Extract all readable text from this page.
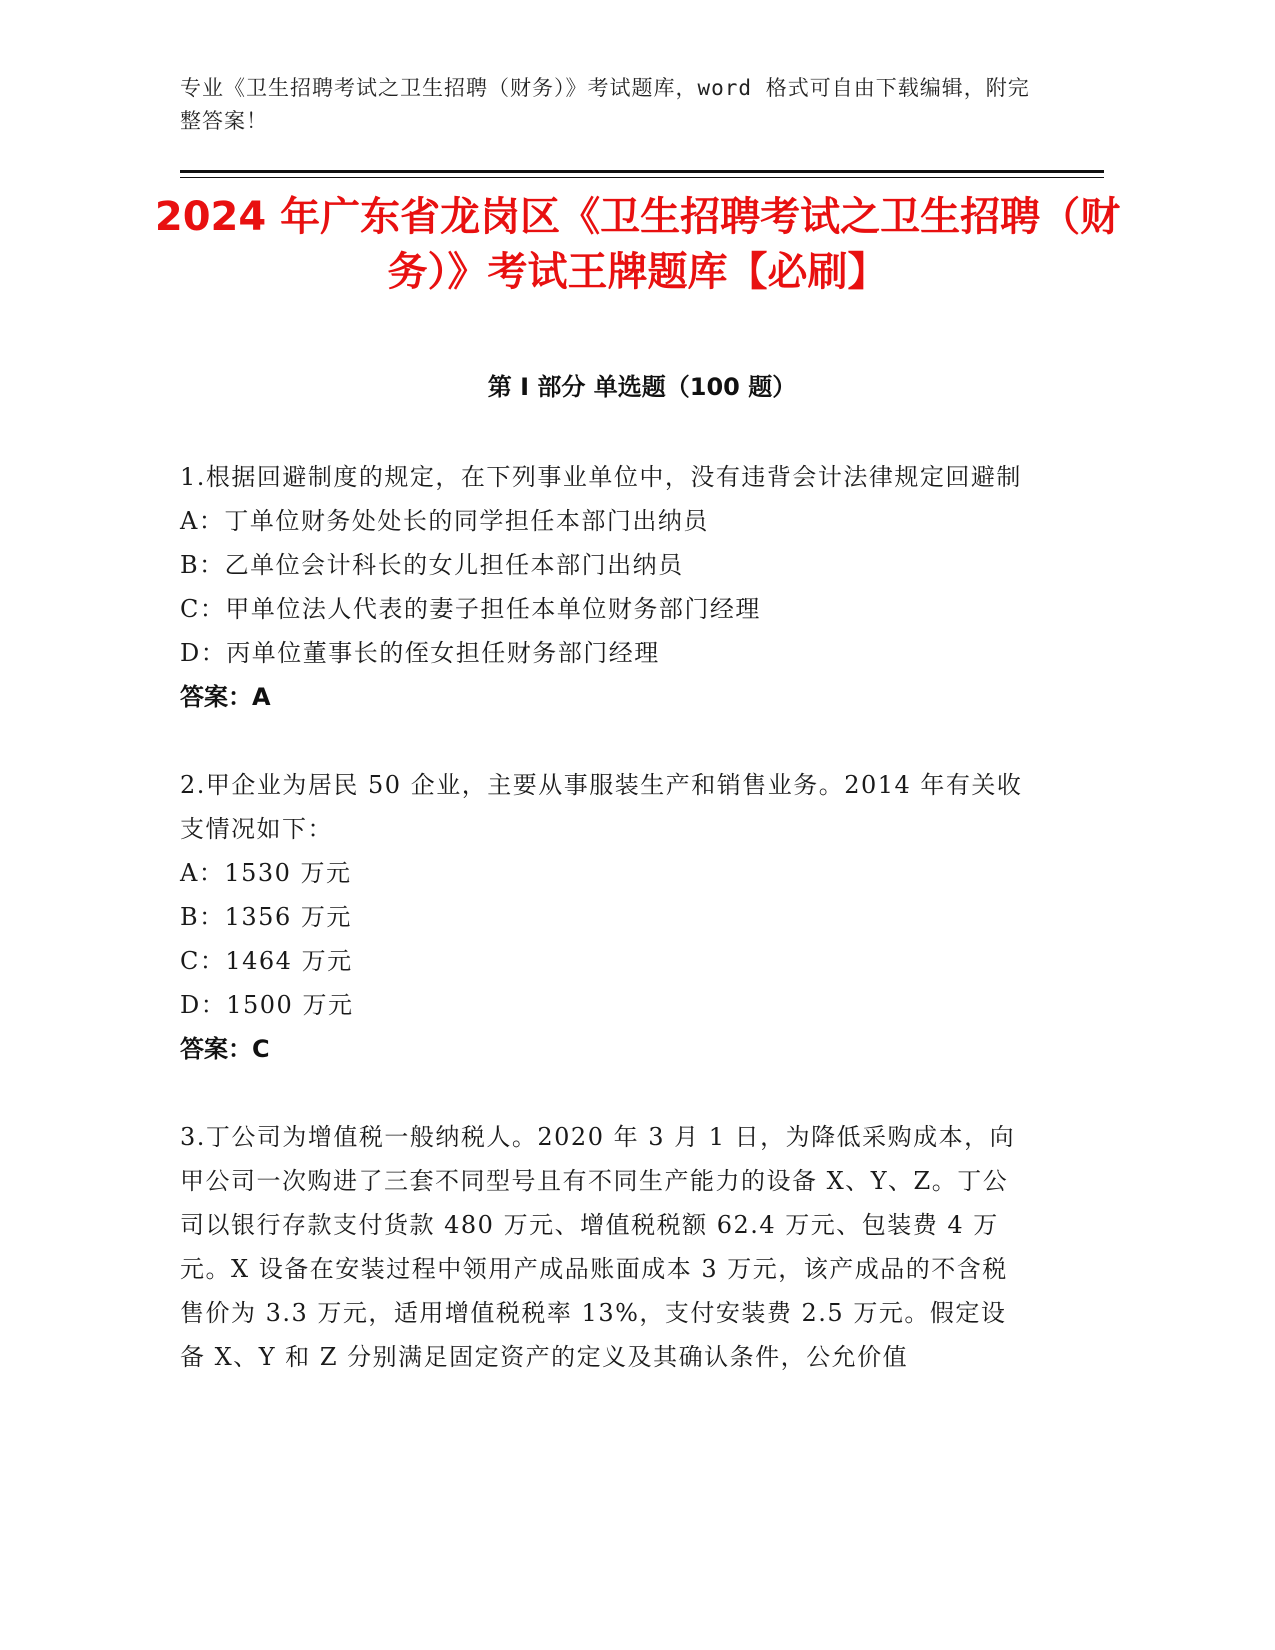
专业《卫生招聘考试之卫生招聘（财务）》考试题库，word 格式可自由下载编辑，附完整答案！
2024 年广东省龙岗区《卫生招聘考试之卫生招聘（财务）》考试王牌题库【必刷】
第 I 部分 单选题（100 题）
1.根据回避制度的规定，在下列事业单位中，没有违背会计法律规定回避制
A：丁单位财务处处长的同学担任本部门出纳员
B：乙单位会计科长的女儿担任本部门出纳员
C：甲单位法人代表的妻子担任本单位财务部门经理
D：丙单位董事长的侄女担任财务部门经理
答案：A
2.甲企业为居民 50 企业，主要从事服装生产和销售业务。2014 年有关收支情况如下：
A：1530 万元
B：1356 万元
C：1464 万元
D：1500 万元
答案：C
3.丁公司为增值税一般纳税人。2020 年 3 月 1 日，为降低采购成本，向甲公司一次购进了三套不同型号且有不同生产能力的设备 X、Y、Z。丁公司以银行存款支付货款 480 万元、增值税税额 62.4 万元、包装费 4 万元。X 设备在安装过程中领用产成品账面成本 3 万元，该产成品的不含税售价为 3.3 万元，适用增值税税率 13%，支付安装费 2.5 万元。假定设备 X、Y 和 Z 分别满足固定资产的定义及其确认条件，公允价值
